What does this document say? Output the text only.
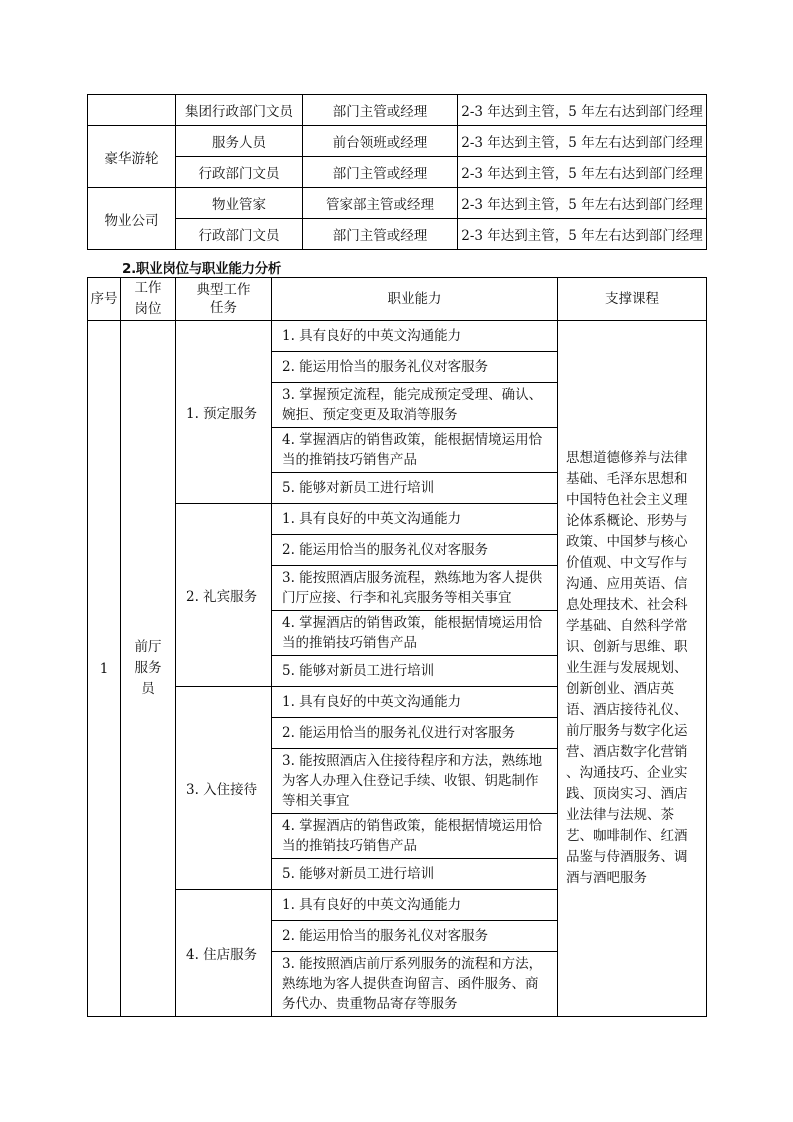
	集团行政部门文员	部门主管或经理	2-3 年达到主管，5 年左右达到部门经理
豪华游轮	服务人员	前台领班或经理	2-3 年达到主管，5 年左右达到部门经理
	行政部门文员	部门主管或经理	2-3 年达到主管，5 年左右达到部门经理
物业公司	物业管家	管家部主管或经理	2-3 年达到主管，5 年左右达到部门经理
	行政部门文员	部门主管或经理	2-3 年达到主管，5 年左右达到部门经理
2.职业岗位与职业能力分析
序号	工作岗位	典型工作任务	职业能力	支撑课程
1	前厅服务员	1. 预定服务	1. 具有良好的中英文沟通能力	思想道德修养与法律基础、毛泽东思想和中国特色社会主义理论体系概论、形势与政策、中国梦与核心价值观、中文写作与沟通、应用英语、信息处理技术、社会科学基础、自然科学常识、创新与思维、职业生涯与发展规划、创新创业、酒店英语、酒店接待礼仪、前厅服务与数字化运营、酒店数字化营销 、沟通技巧、企业实践、顶岗实习、酒店业法律与法规、茶艺、咖啡制作、红酒品鉴与侍酒服务、调酒与酒吧服务
			2. 能运用恰当的服务礼仪对客服务	
			3. 掌握预定流程，能完成预定受理、确认、婉拒、预定变更及取消等服务	
			4. 掌握酒店的销售政策，能根据情境运用恰当的推销技巧销售产品	
			5. 能够对新员工进行培训	
		2. 礼宾服务	1. 具有良好的中英文沟通能力	
			2. 能运用恰当的服务礼仪对客服务	
			3. 能按照酒店服务流程，熟练地为客人提供门厅应接、行李和礼宾服务等相关事宜	
			4. 掌握酒店的销售政策，能根据情境运用恰当的推销技巧销售产品	
			5. 能够对新员工进行培训	
		3. 入住接待	1. 具有良好的中英文沟通能力	
			2. 能运用恰当的服务礼仪进行对客服务	
			3. 能按照酒店入住接待程序和方法，熟练地为客人办理入住登记手续、收银、钥匙制作等相关事宜	
			4. 掌握酒店的销售政策，能根据情境运用恰当的推销技巧销售产品	
			5. 能够对新员工进行培训	
		4. 住店服务	1. 具有良好的中英文沟通能力	
			2. 能运用恰当的服务礼仪对客服务	
			3. 能按照酒店前厅系列服务的流程和方法，熟练地为客人提供查询留言、函件服务、商务代办、贵重物品寄存等服务	
